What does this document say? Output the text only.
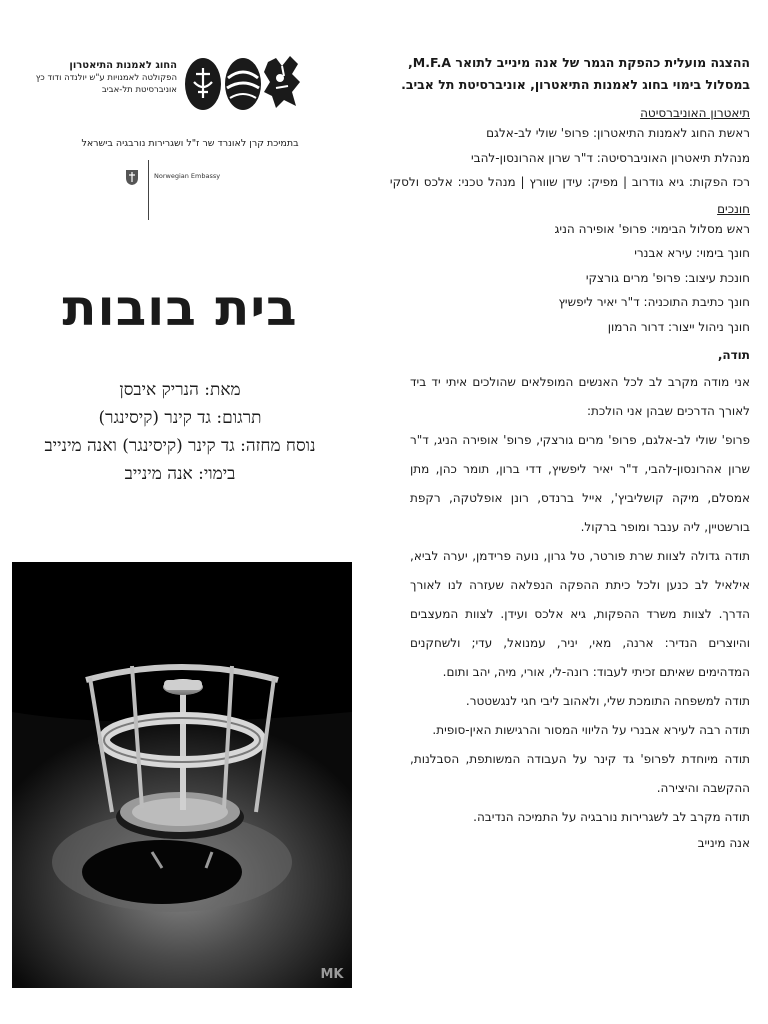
ההצגה מועלית כהפקת הגמר של אנה מינייב לתואר M.F.A,
במסלול בימוי בחוג לאמנות התיאטרון, אוניברסיטת תל אביב.
תיאטרון האוניברסיטה
ראשת החוג לאמנות התיאטרון: פרופ' שולי לב-אלגם
מנהלת תיאטרון האוניברסיטה: ד"ר שרון אהרונסון-להבי
רכז הפקות: גיא גודרוב | מפיק: עידן שוורץ | מנהל טכני: אלכס ולסקי
חונכים
ראש מסלול הבימוי: פרופ' אופירה הניג
חונך בימוי: עירא אבנרי
חונכת עיצוב: פרופ' מרים גורצקי
חונך כתיבת התוכניה: ד"ר יאיר ליפשיץ
חונך ניהול ייצור: דרור הרמון
תודה,

אני מודה מקרב לב לכל האנשים המופלאים שהולכים איתי יד ביד לאורך הדרכים שבהן אני הולכת:

פרופ' שולי לב-אלגם, פרופ' מרים גורצקי, פרופ' אופירה הניג, ד"ר שרון אהרונסון-להבי, ד"ר יאיר ליפשיץ, דדי ברון, תומר כהן, מתן אמסלם, מיקה קושליביץ', אייל ברנדס, רונן אופלטקה, רקפת בורשטיין, ליה ענבר ומופר ברקול.

תודה גדולה לצוות שרת פורטר, טל גרון, נועה פרידמן, יערה לביא, אילאיל לב כנען ולכל כיתת ההפקה הנפלאה שעזרה לנו לאורך הדרך. לצוות משרד ההפקות, גיא אלכס ועידן. לצוות המעצבים והיוצרים הנדיר: ארנה, מאי, יניר, עמנואל, עדי; ולשחקנים המדהימים שאיתם זכיתי לעבוד: רונה-לי, אורי, מיה, יהב ותום.

תודה למשפחה התומכת שלי, ולאהוב ליבי חגי לנגשטטר.

תודה רבה לעירא אבנרי על הליווי המסור והרגישות האין-סופית.

תודה מיוחדת לפרופ' גד קינר על העבודה המשותפת, הסבלנות, ההקשבה והיצירה.

תודה מקרב לב לשגרירות נורבגיה על התמיכה הנדיבה.

אנה מינייב
החוג לאמנות התיאטרון
הפקולטה לאמנויות ע"ש יולנדה ודוד כץ
אוניברסיטת תל-אביב
בתמיכת קרן לאונרד שר ז"ל ושגרירות נורבגיה בישראל
Norwegian Embassy
בית בובות
מאת: הנריק איבסן
תרגום: גד קינר (קיסינגר)
נוסח מחזה: גד קינר (קיסינגר) ואנה מינייב
בימוי: אנה מינייב
MK
